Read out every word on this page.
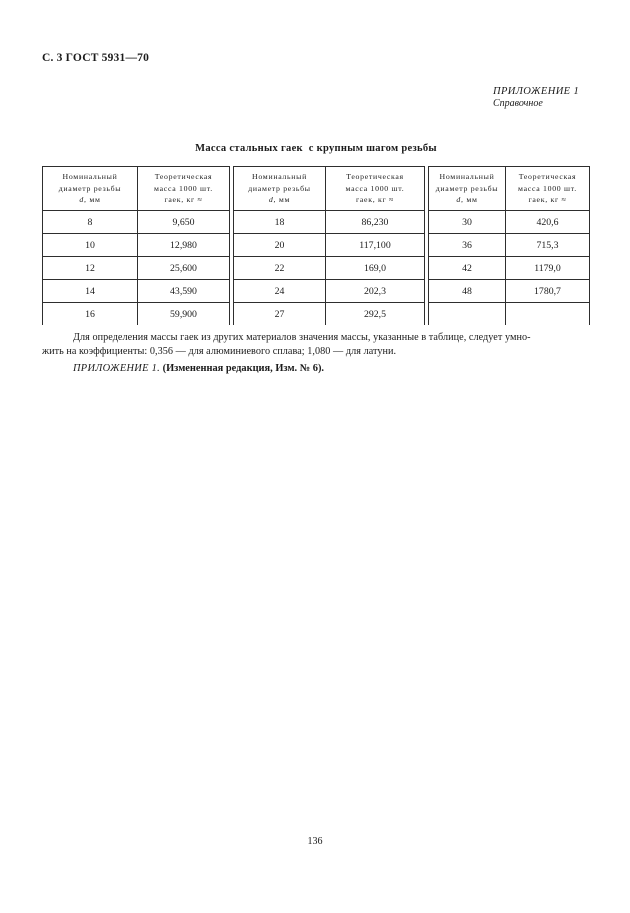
С. 3 ГОСТ 5931—70
ПРИЛОЖЕНИЕ 1
Справочное
Масса стальных гаек  с крупным шагом резьбы
Номинальный
диаметр резьбы
d, мм	Теоретическая
масса 1000 шт.
гаек, кг ≈
8	9,650
10	12,980
12	25,600
14	43,590
16	59,900
Номинальный
диаметр резьбы
d, мм	Теоретическая
масса 1000 шт.
гаек, кг ≈
18	86,230
20	117,100
22	169,0
24	202,3
27	292,5
Номинальный
диаметр резьбы
d, мм	Теоретическая
масса 1000 шт.
гаек, кг ≈
30	420,6
36	715,3
42	1179,0
48	1780,7

Для определения массы гаек из других материалов значения массы, указанные в таблице, следует умно-
жить на коэффициенты: 0,356 — для алюминиевого сплава; 1,080 — для латуни.
ПРИЛОЖЕНИЕ 1. (Измененная редакция, Изм. № 6).
136
